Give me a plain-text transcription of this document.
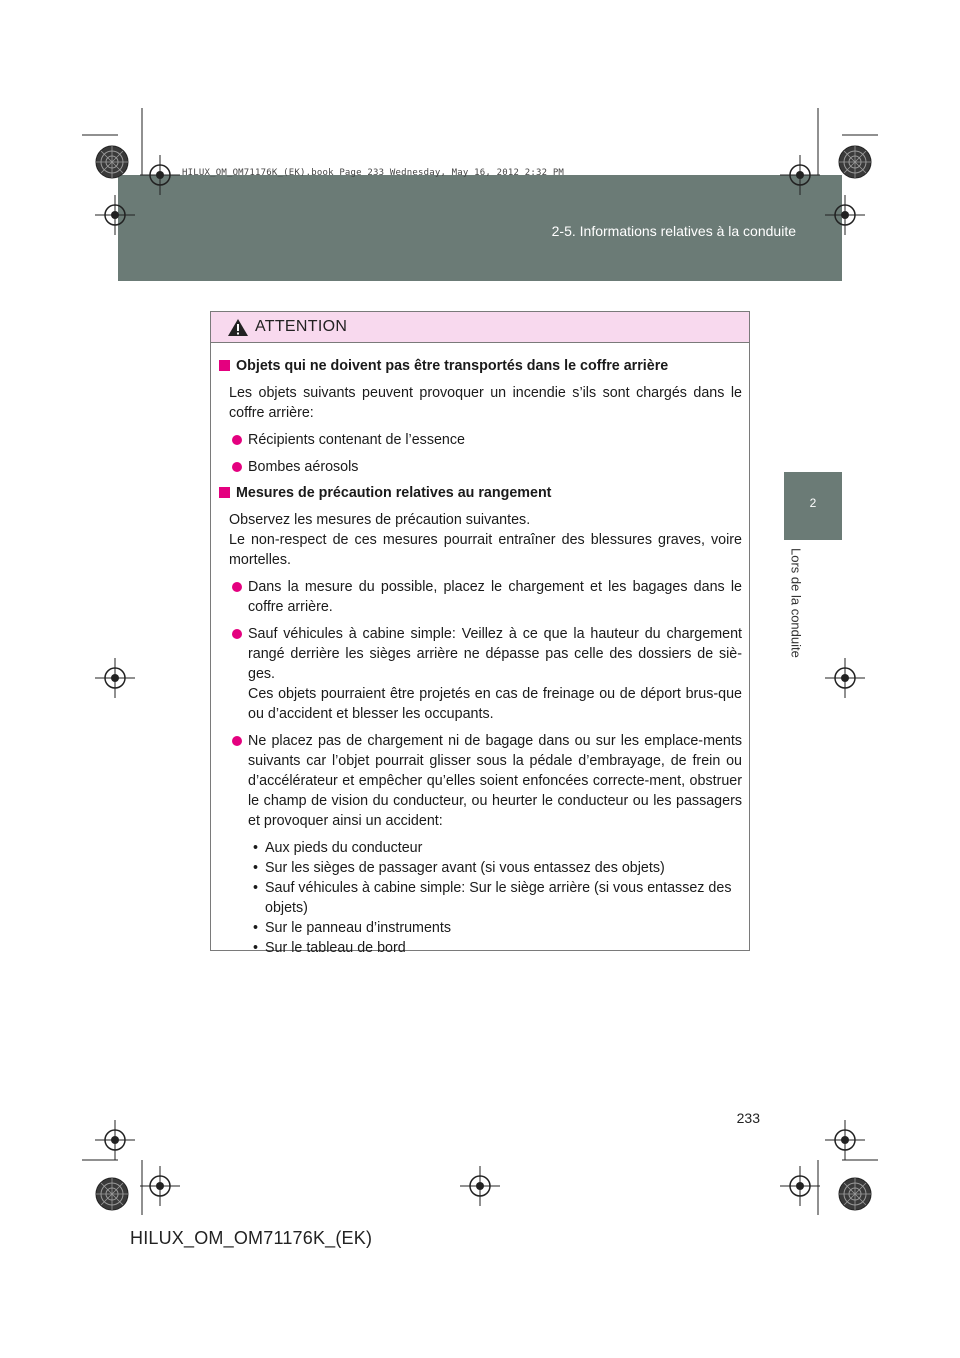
HILUX_OM_OM71176K_(EK).book Page 233 Wednesday, May 16, 2012 2:32 PM
2-5. Informations relatives à la conduite
2
Lors de la conduite
ATTENTION
Objets qui ne doivent pas être transportés dans le coffre arrière

Les objets suivants peuvent provoquer un incendie s’ils sont chargés dans le coffre arrière:

Récipients contenant de l’essence

Bombes aérosols

Mesures de précaution relatives au rangement

Observez les mesures de précaution suivantes.

Le non-respect de ces mesures pourrait entraîner des blessures graves, voire mortelles.

Dans la mesure du possible, placez le chargement et les bagages dans le coffre arrière.

Sauf véhicules à cabine simple: Veillez à ce que la hauteur du chargement rangé derrière les sièges arrière ne dépasse pas celle des dossiers de siè-ges.

Ces objets pourraient être projetés en cas de freinage ou de déport brus-que ou d’accident et blesser les occupants.

Ne placez pas de chargement ni de bagage dans ou sur les emplace-ments suivants car l’objet pourrait glisser sous la pédale d’embrayage, de frein ou d’accélérateur et empêcher qu’elles soient enfoncées correcte-ment, obstruer le champ de vision du conducteur, ou heurter le conducteur ou les passagers et provoquer ainsi un accident:

• Aux pieds du conducteur
• Sur les sièges de passager avant (si vous entassez des objets)
• Sauf véhicules à cabine simple: Sur le siège arrière (si vous entassez des objets)
• Sur le panneau d’instruments
• Sur le tableau de bord
233
HILUX_OM_OM71176K_(EK)
